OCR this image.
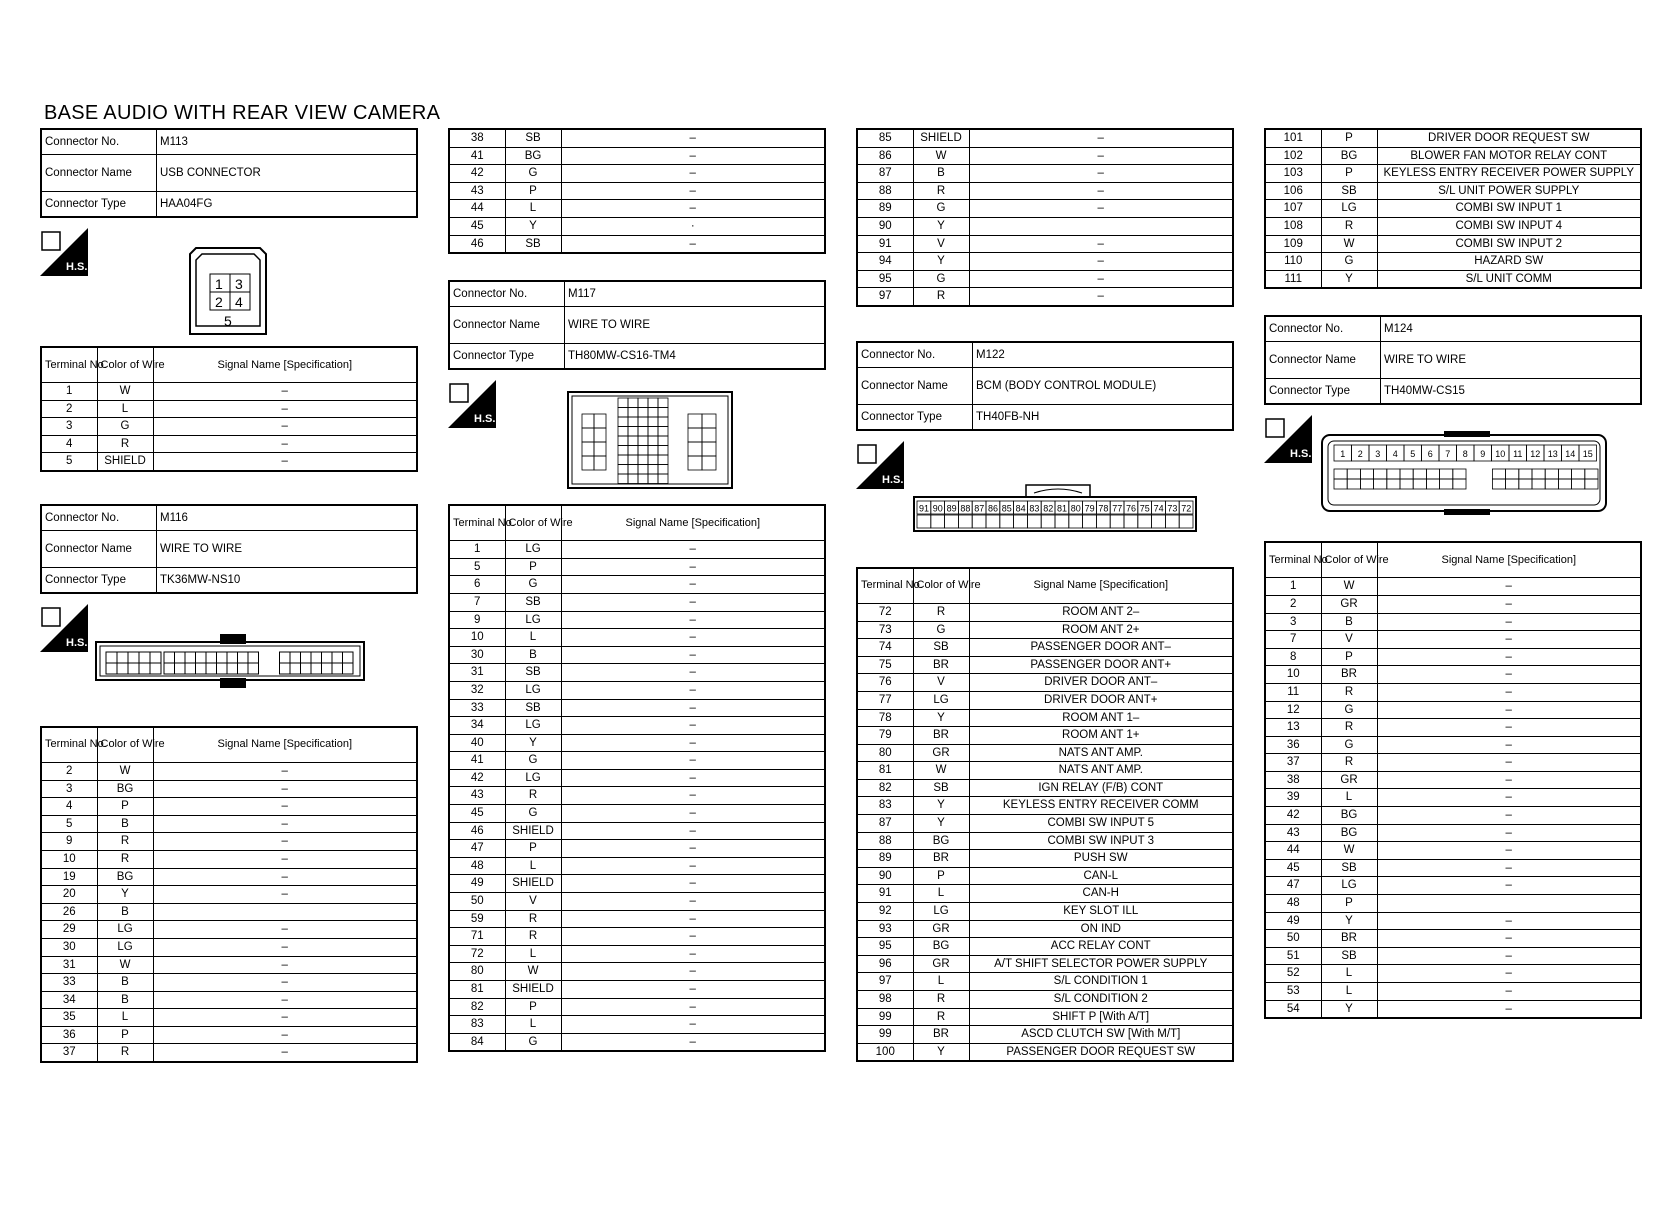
BASE AUDIO WITH REAR VIEW CAMERA
Connector No.	M113
Connector Name	USB CONNECTOR
Connector Type	HAA04FG
H.S.
1 3
2 4
5
Terminal No.	Color of Wire	Signal Name [Specification]
1	W	–
2	L	–
3	G	–
4	R	–
5	SHIELD	–
Connector No.	M116
Connector Name	WIRE TO WIRE
Connector Type	TK36MW-NS10
H.S.
Terminal No.	Color of Wire	Signal Name [Specification]
2	W	–
3	BG	–
4	P	–
5	B	–
9	R	–
10	R	–
19	BG	–
20	Y	–
26	B	
29	LG	–
30	LG	–
31	W	–
33	B	–
34	B	–
35	L	–
36	P	–
37	R	–
38	SB	–
41	BG	–
42	G	–
43	P	–
44	L	–
45	Y	·
46	SB	–
Connector No.	M117
Connector Name	WIRE TO WIRE
Connector Type	TH80MW-CS16-TM4
H.S.
Terminal No.	Color of Wire	Signal Name [Specification]
1	LG	–
5	P	–
6	G	–
7	SB	–
9	LG	–
10	L	–
30	B	–
31	SB	–
32	LG	–
33	SB	–
34	LG	–
40	Y	–
41	G	–
42	LG	–
43	R	–
45	G	–
46	SHIELD	–
47	P	–
48	L	–
49	SHIELD	–
50	V	–
59	R	–
71	R	–
72	L	–
80	W	–
81	SHIELD	–
82	P	–
83	L	–
84	G	–
85	SHIELD	–
86	W	–
87	B	–
88	R	–
89	G	–
90	Y	
91	V	–
94	Y	–
95	G	–
97	R	–
Connector No.	M122
Connector Name	BCM (BODY CONTROL MODULE)
Connector Type	TH40FB-NH
H.S.
91 90 89 88 87 86 85 84 83 82 81 80 79 78 77 76 75 74 73 72
Terminal No.	Color of Wire	Signal Name [Specification]
72	R	ROOM ANT 2–
73	G	ROOM ANT 2+
74	SB	PASSENGER DOOR ANT–
75	BR	PASSENGER DOOR ANT+
76	V	DRIVER DOOR ANT–
77	LG	DRIVER DOOR ANT+
78	Y	ROOM ANT 1–
79	BR	ROOM ANT 1+
80	GR	NATS ANT AMP.
81	W	NATS ANT AMP.
82	SB	IGN RELAY (F/B) CONT
83	Y	KEYLESS ENTRY RECEIVER COMM
87	Y	COMBI SW INPUT 5
88	BG	COMBI SW INPUT 3
89	BR	PUSH SW
90	P	CAN-L
91	L	CAN-H
92	LG	KEY SLOT ILL
93	GR	ON IND
95	BG	ACC RELAY CONT
96	GR	A/T SHIFT SELECTOR POWER SUPPLY
97	L	S/L CONDITION 1
98	R	S/L CONDITION 2
99	R	SHIFT P [With A/T]
99	BR	ASCD CLUTCH SW [With M/T]
100	Y	PASSENGER DOOR REQUEST SW
101	P	DRIVER DOOR REQUEST SW
102	BG	BLOWER FAN MOTOR RELAY CONT
103	P	KEYLESS ENTRY RECEIVER POWER SUPPLY
106	SB	S/L UNIT POWER SUPPLY
107	LG	COMBI SW INPUT 1
108	R	COMBI SW INPUT 4
109	W	COMBI SW INPUT 2
110	G	HAZARD SW
111	Y	S/L UNIT COMM
Connector No.	M124
Connector Name	WIRE TO WIRE
Connector Type	TH40MW-CS15
H.S.	1 2 3 4 5 6 7 8 9 10 11 12 13 14 15
Terminal No.	Color of Wire	Signal Name [Specification]
1	W	–
2	GR	–
3	B	–
7	V	–
8	P	–
10	BR	–
11	R	–
12	G	–
13	R	–
36	G	–
37	R	–
38	GR	–
39	L	–
42	BG	–
43	BG	–
44	W	–
45	SB	–
47	LG	–
48	P	
49	Y	–
50	BR	–
51	SB	–
52	L	–
53	L	–
54	Y	–
